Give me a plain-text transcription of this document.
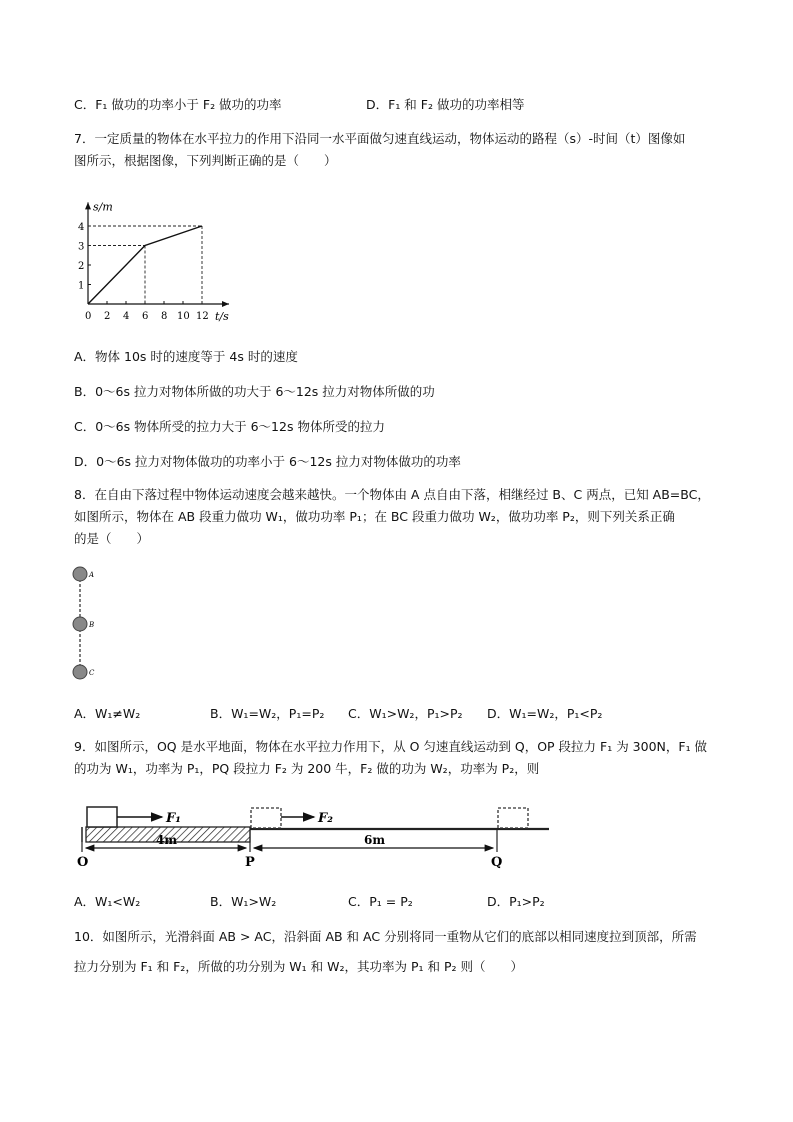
C．F₁ 做功的功率小于 F₂ 做功的功率	D．F₁ 和 F₂ 做功的功率相等
7．一定质量的物体在水平拉力的作用下沿同一水平面做匀速直线运动，物体运动的路程（s）-时间（t）图像如
图所示，根据图像，下列判断正确的是（　　）
0 2 4 6 8 10 12
1
2
3
4
t/s
s/m
A．物体 10s 时的速度等于 4s 时的速度
B．0～6s 拉力对物体所做的功大于 6～12s 拉力对物体所做的功
C．0～6s 物体所受的拉力大于 6～12s 物体所受的拉力
D．0～6s 拉力对物体做功的功率小于 6～12s 拉力对物体做功的功率
8．在自由下落过程中物体运动速度会越来越快。一个物体由 A 点自由下落，相继经过 B、C 两点，已知 AB=BC，
如图所示，物体在 AB 段重力做功 W₁，做功功率 P₁；在 BC 段重力做功 W₂，做功功率 P₂，则下列关系正确
的是（　　）
A
B
C
A．W₁≠W₂	B．W₁=W₂，P₁=P₂ C．W₁>W₂，P₁>P₂ D．W₁=W₂，P₁<P₂
9．如图所示，OQ 是水平地面，物体在水平拉力作用下，从 O 匀速直线运动到 Q，OP 段拉力 F₁ 为 300N，F₁ 做
的功为 W₁，功率为 P₁，PQ 段拉力 F₂ 为 200 牛，F₂ 做的功为 W₂，功率为 P₂，则
F₁	F₂
4m	6m
O	P	Q
A．W₁<W₂	B．W₁>W₂	C．P₁ = P₂	D．P₁>P₂
10．如图所示，光滑斜面 AB > AC，沿斜面 AB 和 AC 分别将同一重物从它们的底部以相同速度拉到顶部，所需
拉力分别为 F₁ 和 F₂，所做的功分别为 W₁ 和 W₂，其功率为 P₁ 和 P₂ 则（　　）
